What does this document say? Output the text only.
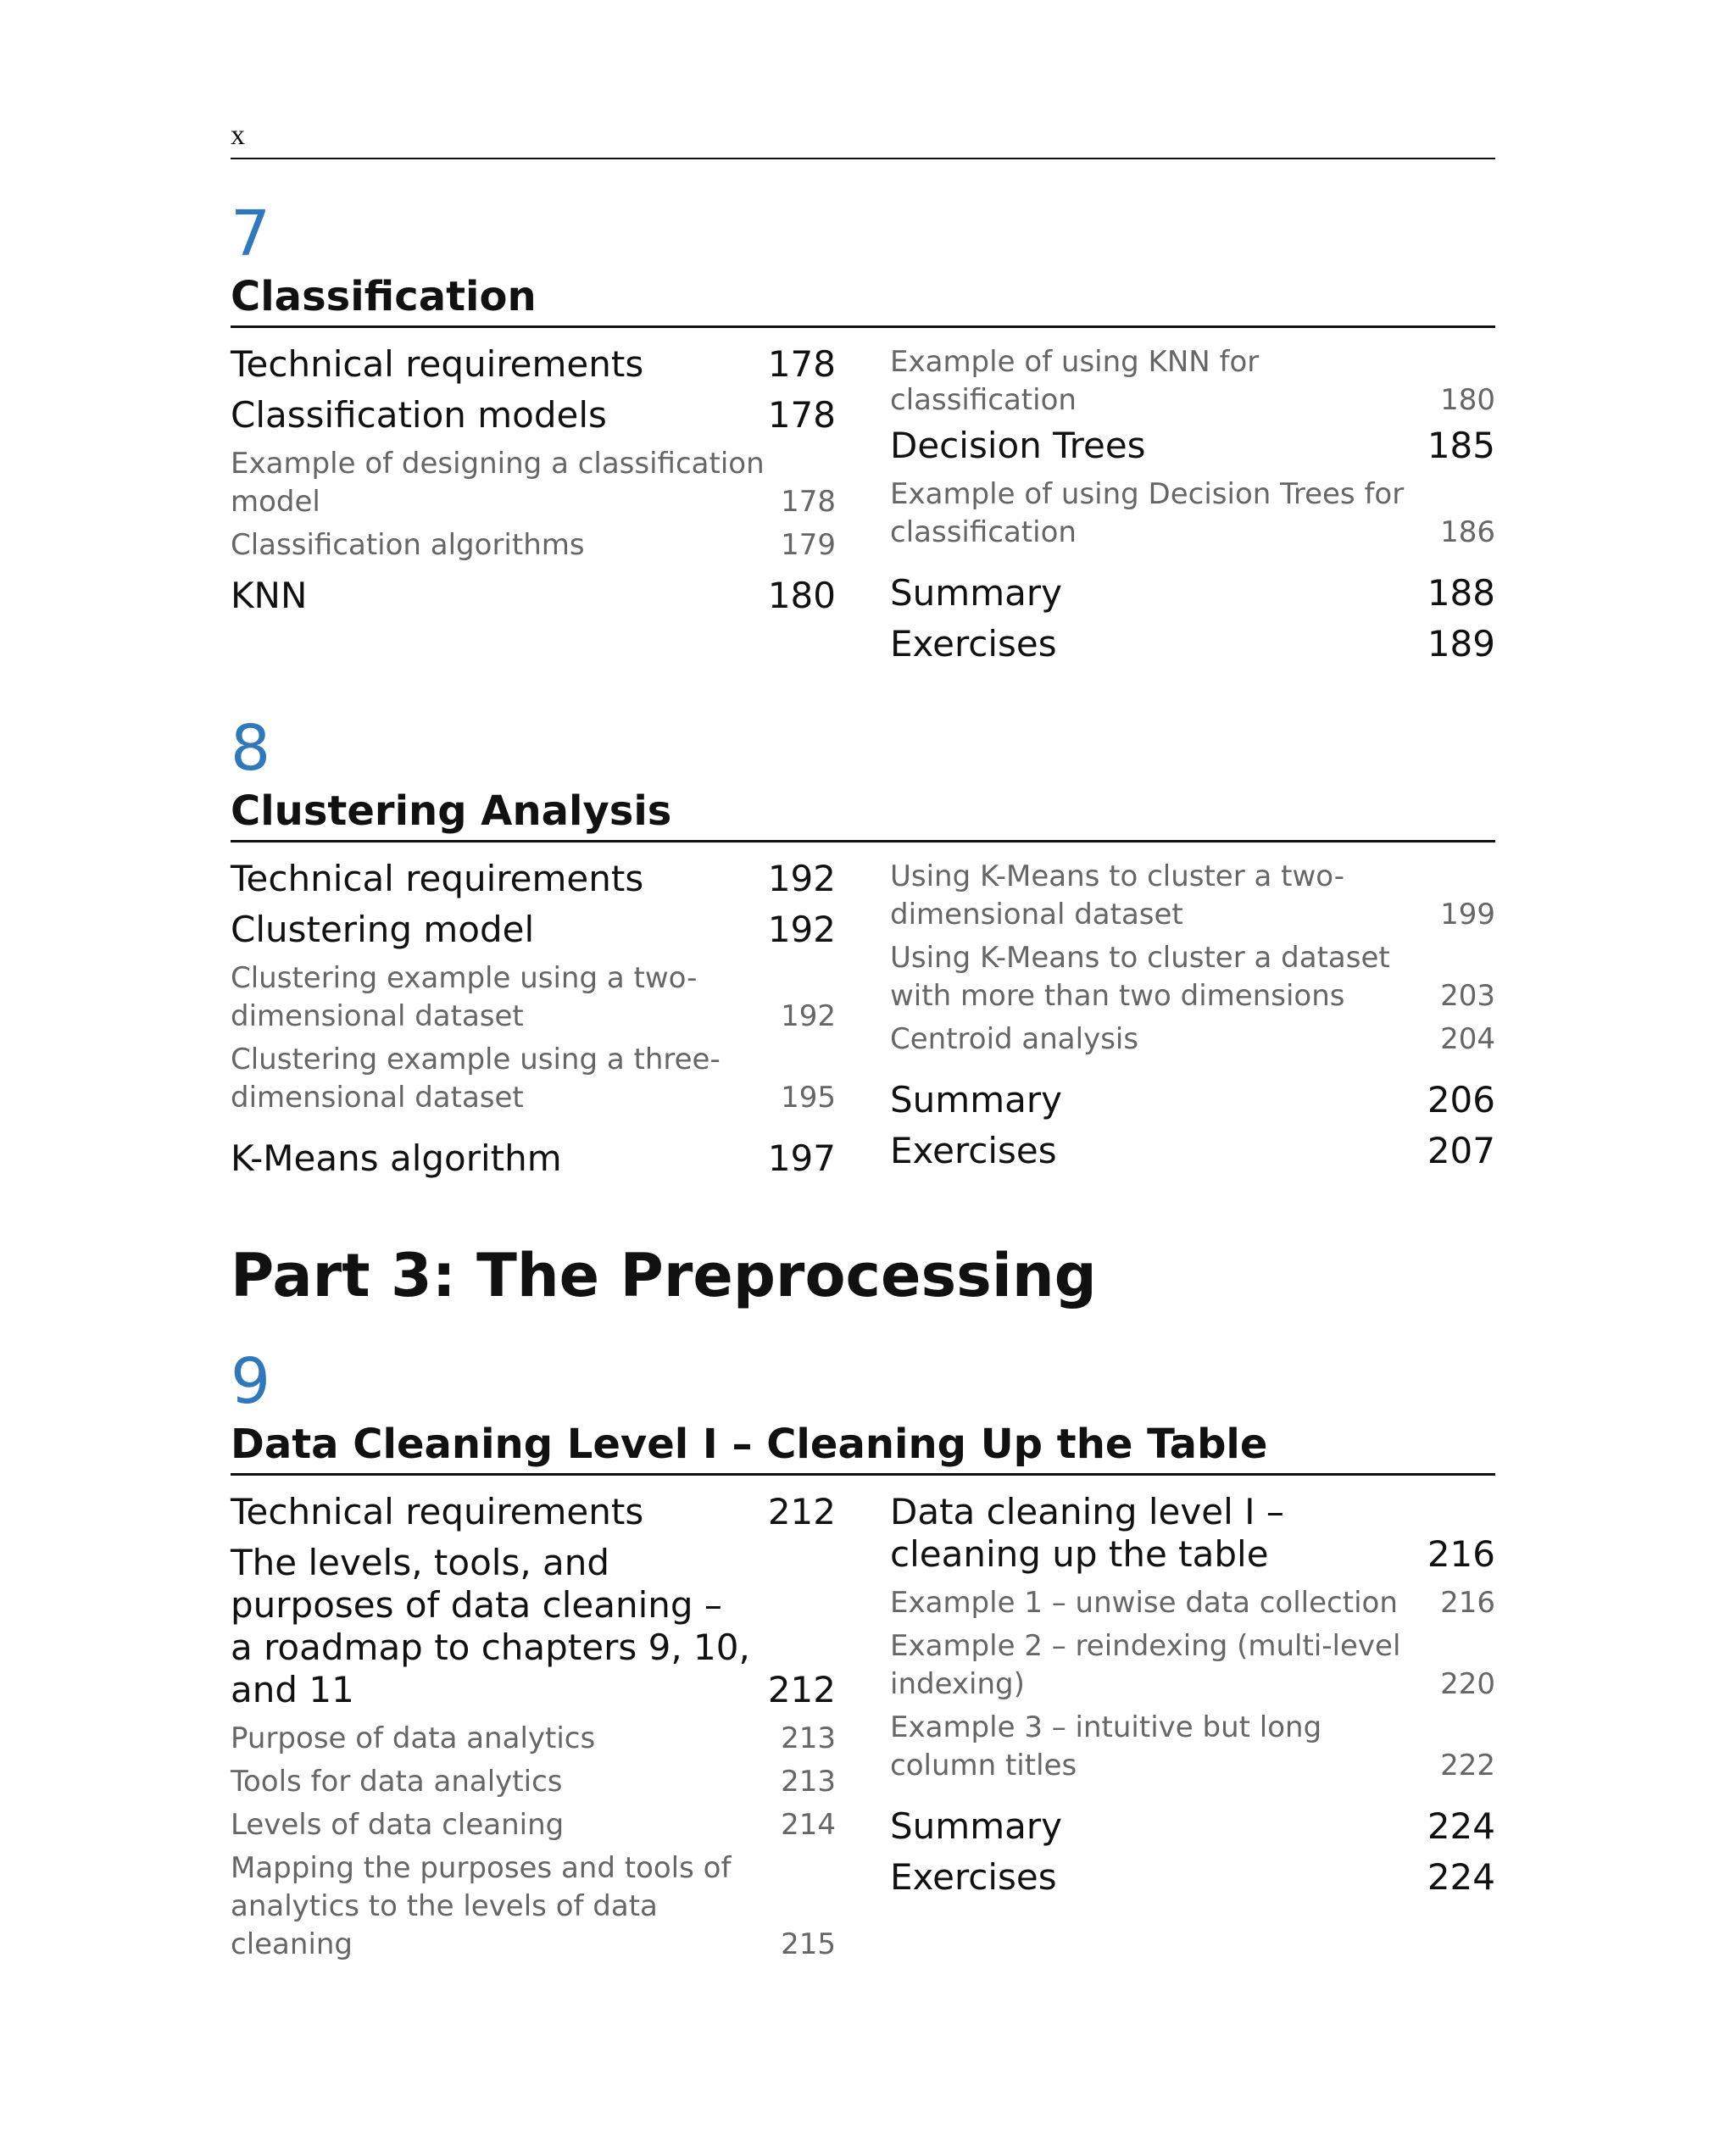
x
7
Classification
Technical requirements	178
Classification models	178
Example of designing a classification model	178
Classification algorithms	179
KNN	180
Example of using KNN for classification	180
Decision Trees	185
Example of using Decision Trees for classification	186
Summary	188
Exercises	189
8
Clustering Analysis
Technical requirements	192
Clustering model	192
Clustering example using a two-dimensional dataset	192
Clustering example using a three-dimensional dataset	195
K-Means algorithm	197
Using K-Means to cluster a two-dimensional dataset	199
Using K-Means to cluster a dataset with more than two dimensions	203
Centroid analysis	204
Summary	206
Exercises	207
Part 3: The Preprocessing
9
Data Cleaning Level I – Cleaning Up the Table
Technical requirements	212
The levels, tools, and purposes of data cleaning – a roadmap to chapters 9, 10, and 11	212
Purpose of data analytics	213
Tools for data analytics	213
Levels of data cleaning	214
Mapping the purposes and tools of analytics to the levels of data cleaning	215
Data cleaning level I – cleaning up the table	216
Example 1 – unwise data collection	216
Example 2 – reindexing (multi-level indexing)	220
Example 3 – intuitive but long column titles	222
Summary	224
Exercises	224
